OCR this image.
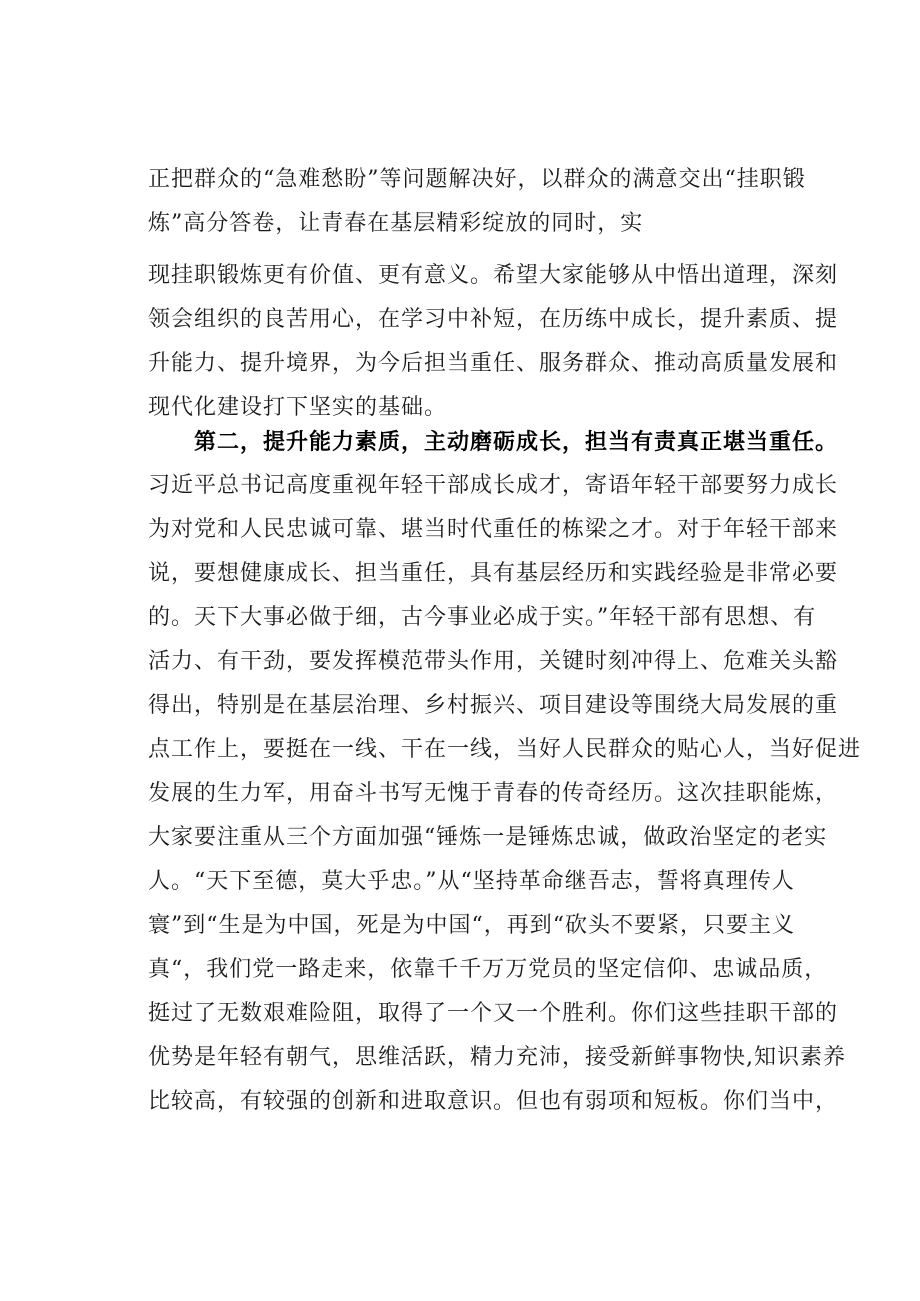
正把群众的“急难愁盼”等问题解决好，以群众的满意交出“挂职锻
炼”高分答卷，让青春在基层精彩绽放的同时，实
现挂职锻炼更有价值、更有意义。希望大家能够从中悟出道理，深刻
领会组织的良苦用心，在学习中补短，在历练中成长，提升素质、提
升能力、提升境界，为今后担当重任、服务群众、推动高质量发展和
现代化建设打下坚实的基础。
第二，提升能力素质，主动磨砺成长，担当有责真正堪当重任。
习近平总书记高度重视年轻干部成长成才，寄语年轻干部要努力成长
为对党和人民忠诚可靠、堪当时代重任的栋梁之才。对于年轻干部来
说，要想健康成长、担当重任，具有基层经历和实践经验是非常必要
的。天下大事必做于细，古今事业必成于实。”年轻干部有思想、有
活力、有干劲，要发挥模范带头作用，关键时刻冲得上、危难关头豁
得出，特别是在基层治理、乡村振兴、项目建设等围绕大局发展的重
点工作上，要挺在一线、干在一线，当好人民群众的贴心人，当好促进
发展的生力军，用奋斗书写无愧于青春的传奇经历。这次挂职能炼，
大家要注重从三个方面加强“锤炼一是锤炼忠诚，做政治坚定的老实
人。“天下至德，莫大乎忠。”从“坚持革命继吾志，誓将真理传人
寰”到“生是为中国，死是为中国“，再到“砍头不要紧，只要主义
真“，我们党一路走来，依靠千千万万党员的坚定信仰、忠诚品质，
挺过了无数艰难险阻，取得了一个又一个胜利。你们这些挂职干部的
优势是年轻有朝气，思维活跃，精力充沛，接受新鲜事物快,知识素养
比较高，有较强的创新和进取意识。但也有弱项和短板。你们当中，
